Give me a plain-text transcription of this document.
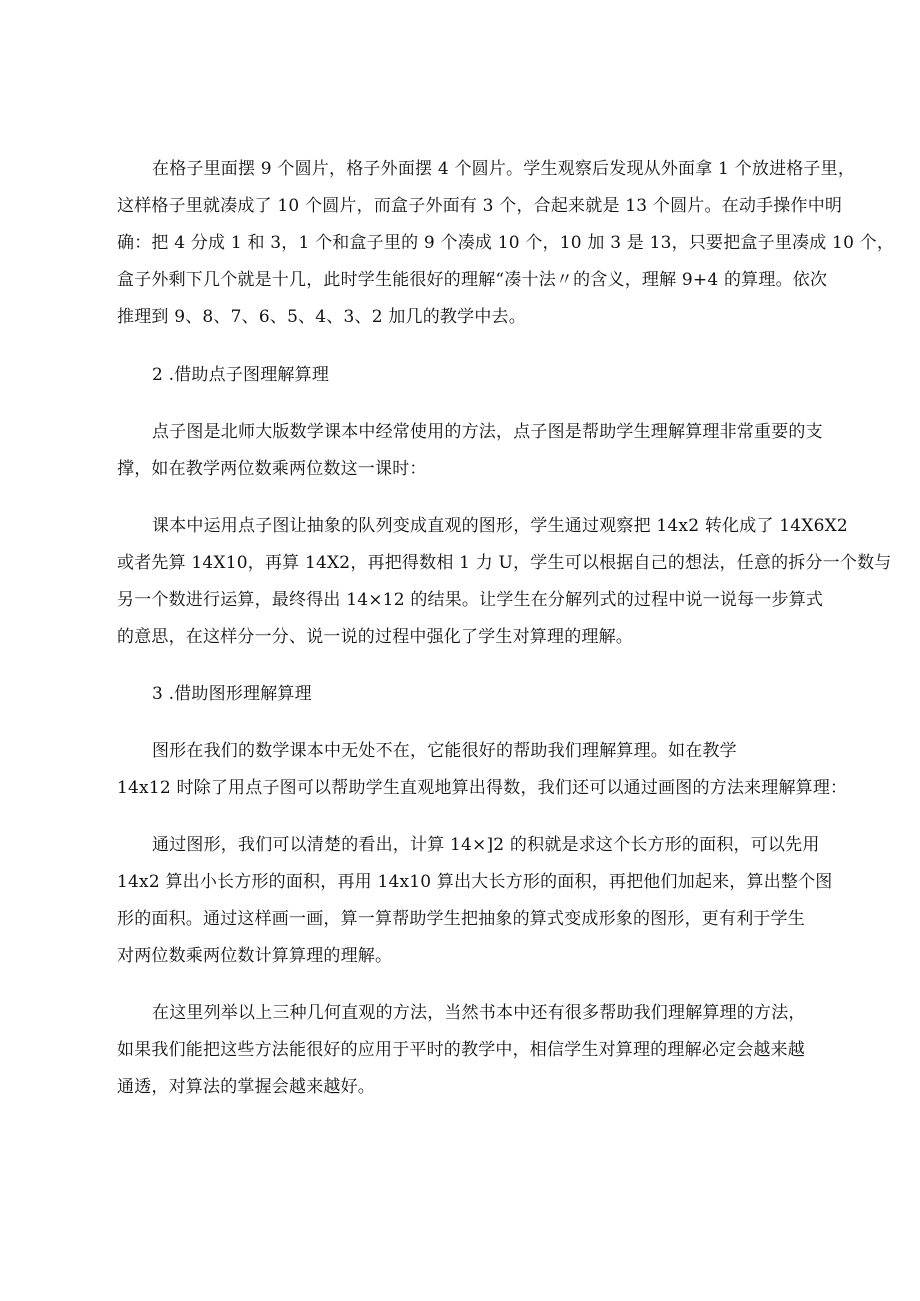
在格子里面摆 9 个圆片，格子外面摆 4 个圆片。学生观察后发现从外面拿 1 个放进格子里，
这样格子里就凑成了 10 个圆片，而盒子外面有 3 个，合起来就是 13 个圆片。在动手操作中明
确：把 4 分成 1 和 3，1 个和盒子里的 9 个凑成 10 个，10 加 3 是 13，只要把盒子里凑成 10 个，
盒子外剩下几个就是十几，此时学生能很好的理解“凑十法〃的含义，理解 9+4 的算理。依次
推理到 9、8、7、6、5、4、3、2 加几的教学中去。
2 .借助点子图理解算理
点子图是北师大版数学课本中经常使用的方法，点子图是帮助学生理解算理非常重要的支
撑，如在教学两位数乘两位数这一课时：
课本中运用点子图让抽象的队列变成直观的图形，学生通过观察把 14x2 转化成了 14X6X2
或者先算 14X10，再算 14X2，再把得数相 1 力 U，学生可以根据自己的想法，任意的拆分一个数与
另一个数进行运算，最终得出 14×12 的结果。让学生在分解列式的过程中说一说每一步算式
的意思，在这样分一分、说一说的过程中强化了学生对算理的理解。
3 .借助图形理解算理
图形在我们的数学课本中无处不在，它能很好的帮助我们理解算理。如在教学
14x12 时除了用点子图可以帮助学生直观地算出得数，我们还可以通过画图的方法来理解算理：
通过图形，我们可以清楚的看出，计算 14×]2 的积就是求这个长方形的面积，可以先用
14x2 算出小长方形的面积，再用 14x10 算出大长方形的面积，再把他们加起来，算出整个图
形的面积。通过这样画一画，算一算帮助学生把抽象的算式变成形象的图形，更有利于学生
对两位数乘两位数计算算理的理解。
在这里列举以上三种几何直观的方法，当然书本中还有很多帮助我们理解算理的方法，
如果我们能把这些方法能很好的应用于平时的教学中，相信学生对算理的理解必定会越来越
通透，对算法的掌握会越来越好。
